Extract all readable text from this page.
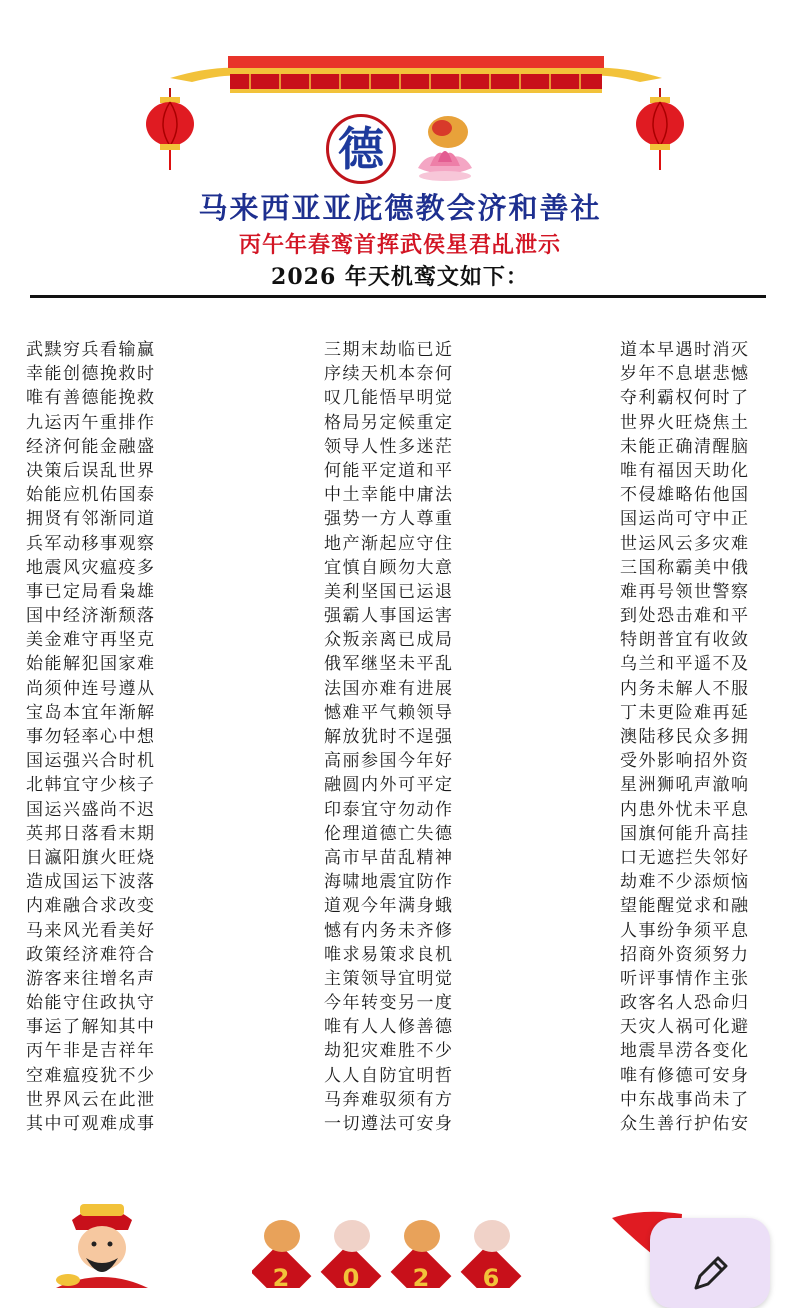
德
马来西亚亚庇德教会济和善社
丙午年春鸾首挥武侯星君乩泄示
2026 年天机鸾文如下：
武黩穷兵看输赢
幸能创德挽救时
唯有善德能挽救
九运丙午重排作
经济何能金融盛
决策后误乱世界
始能应机佑国泰
拥贤有邻渐同道
兵军动移事观察
地震风灾瘟疫多
事已定局看枭雄
国中经济渐颓落
美金难守再坚克
始能解犯国家难
尚须仲连号遵从
宝岛本宜年渐解
事勿轻率心中想
国运强兴合时机
北韩宜守少核子
国运兴盛尚不迟
英邦日落看末期
日瀛阳旗火旺烧
造成国运下波落
内难融合求改变
马来风光看美好
政策经济难符合
游客来往增名声
始能守住政执守
事运了解知其中
丙午非是吉祥年
空难瘟疫犹不少
世界风云在此泄
其中可观难成事
三期末劫临已近
序续天机本奈何
叹几能悟早明觉
格局另定候重定
领导人性多迷茫
何能平定道和平
中土幸能中庸法
强势一方人尊重
地产渐起应守住
宜慎自顾勿大意
美利坚国已运退
强霸人事国运害
众叛亲离已成局
俄军继坚未平乱
法国亦难有进展
憾难平气赖领导
解放犹时不逞强
高丽参国今年好
融圆内外可平定
印泰宜守勿动作
伦理道德亡失德
高市早苗乱精神
海啸地震宜防作
道观今年满身蛾
憾有内务未齐修
唯求易策求良机
主策领导宜明觉
今年转变另一度
唯有人人修善德
劫犯灾难胜不少
人人自防宜明哲
马奔难驭须有方
一切遵法可安身
道本早遇时消灭
岁年不息堪悲憾
夺利霸权何时了
世界火旺烧焦土
未能正确清醒脑
唯有福因天助化
不侵雄略佑他国
国运尚可守中正
世运风云多灾难
三国称霸美中俄
难再号领世警察
到处恐击难和平
特朗普宜有收敛
乌兰和平遥不及
内务未解人不服
丁未更险难再延
澳陆移民众多拥
受外影响招外资
星洲狮吼声澈响
内患外忧未平息
国旗何能升高挂
口无遮拦失邻好
劫难不少添烦恼
望能醒觉求和融
人事纷争须平息
招商外资须努力
听评事情作主张
政客名人恐命归
天灾人祸可化避
地震旱涝各变化
唯有修德可安身
中东战事尚未了
众生善行护佑安
2 0 2 6
